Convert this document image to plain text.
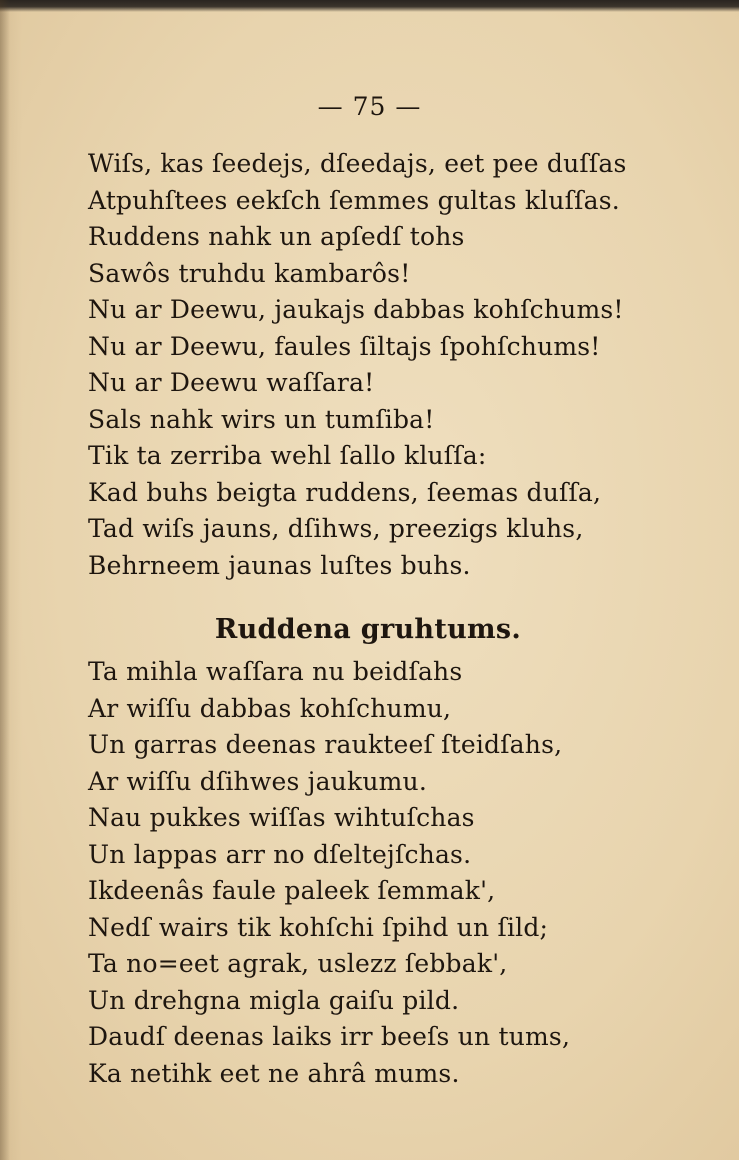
— 75 —
Wiſs, kas ſeedejs, dſeedajs, eet pee duſſas
Atpuhſtees eekſch ſemmes gultas kluſſas.
Ruddens nahk un apſedſ tohs
Sawôs truhdu kambarôs!
Nu ar Deewu, jaukajs dabbas kohſchums!
Nu ar Deewu, faules ſiltajs ſpohſchums!
Nu ar Deewu waſſara!
Sals nahk wirs un tumſiba!
Tik ta zerriba wehl ſallo kluſſa:
Kad buhs beigta ruddens, ſeemas duſſa,
Tad wiſs jauns, dſihws, preezigs kluhs,
Behrneem jaunas luſtes buhs.
Ruddena gruhtums.
Ta mihla waſſara nu beidſahs
Ar wiſſu dabbas kohſchumu,
Un garras deenas raukteeſ ſteidſahs,
Ar wiſſu dſihwes jaukumu.
Nau pukkes wiſſas wihtuſchas
Un lappas arr no dſeltejſchas.
Ikdeenâs faule paleek ſemmak',
Nedſ wairs tik kohſchi ſpihd un ſild;
Ta no=eet agrak, uslezz ſebbak',
Un drehgna migla gaiſu pild.
Daudſ deenas laiks irr beeſs un tums,
Ka netihk eet ne ahrâ mums.
